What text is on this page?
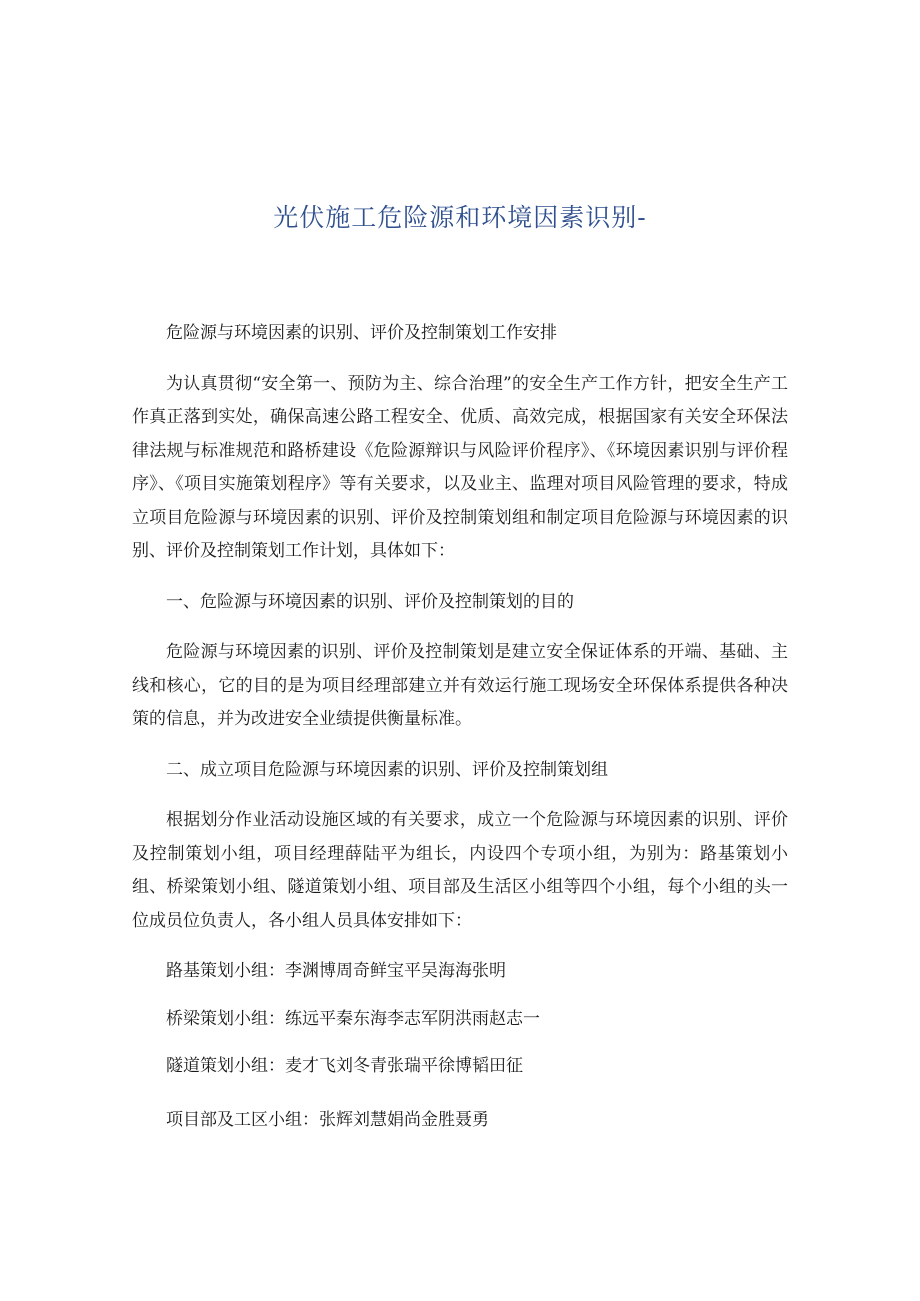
光伏施工危险源和环境因素识别-

危险源与环境因素的识别、评价及控制策划工作安排

为认真贯彻“安全第一、预防为主、综合治理”的安全生产工作方针，把安全生产工作真正落到实处，确保高速公路工程安全、优质、高效完成，根据国家有关安全环保法律法规与标准规范和路桥建设《危险源辩识与风险评价程序》、《环境因素识别与评价程序》、《项目实施策划程序》等有关要求，以及业主、监理对项目风险管理的要求，特成立项目危险源与环境因素的识别、评价及控制策划组和制定项目危险源与环境因素的识别、评价及控制策划工作计划，具体如下：

一、危险源与环境因素的识别、评价及控制策划的目的

危险源与环境因素的识别、评价及控制策划是建立安全保证体系的开端、基础、主线和核心，它的目的是为项目经理部建立并有效运行施工现场安全环保体系提供各种决策的信息，并为改进安全业绩提供衡量标准。

二、成立项目危险源与环境因素的识别、评价及控制策划组

根据划分作业活动设施区域的有关要求，成立一个危险源与环境因素的识别、评价及控制策划小组，项目经理薛陆平为组长，内设四个专项小组，为别为：路基策划小组、桥梁策划小组、隧道策划小组、项目部及生活区小组等四个小组，每个小组的头一位成员位负责人，各小组人员具体安排如下：

路基策划小组：李渊博周奇鲜宝平吴海海张明

桥梁策划小组：练远平秦东海李志军阴洪雨赵志一

隧道策划小组：麦才飞刘冬青张瑞平徐博韬田征

项目部及工区小组：张辉刘慧娟尚金胜聂勇
